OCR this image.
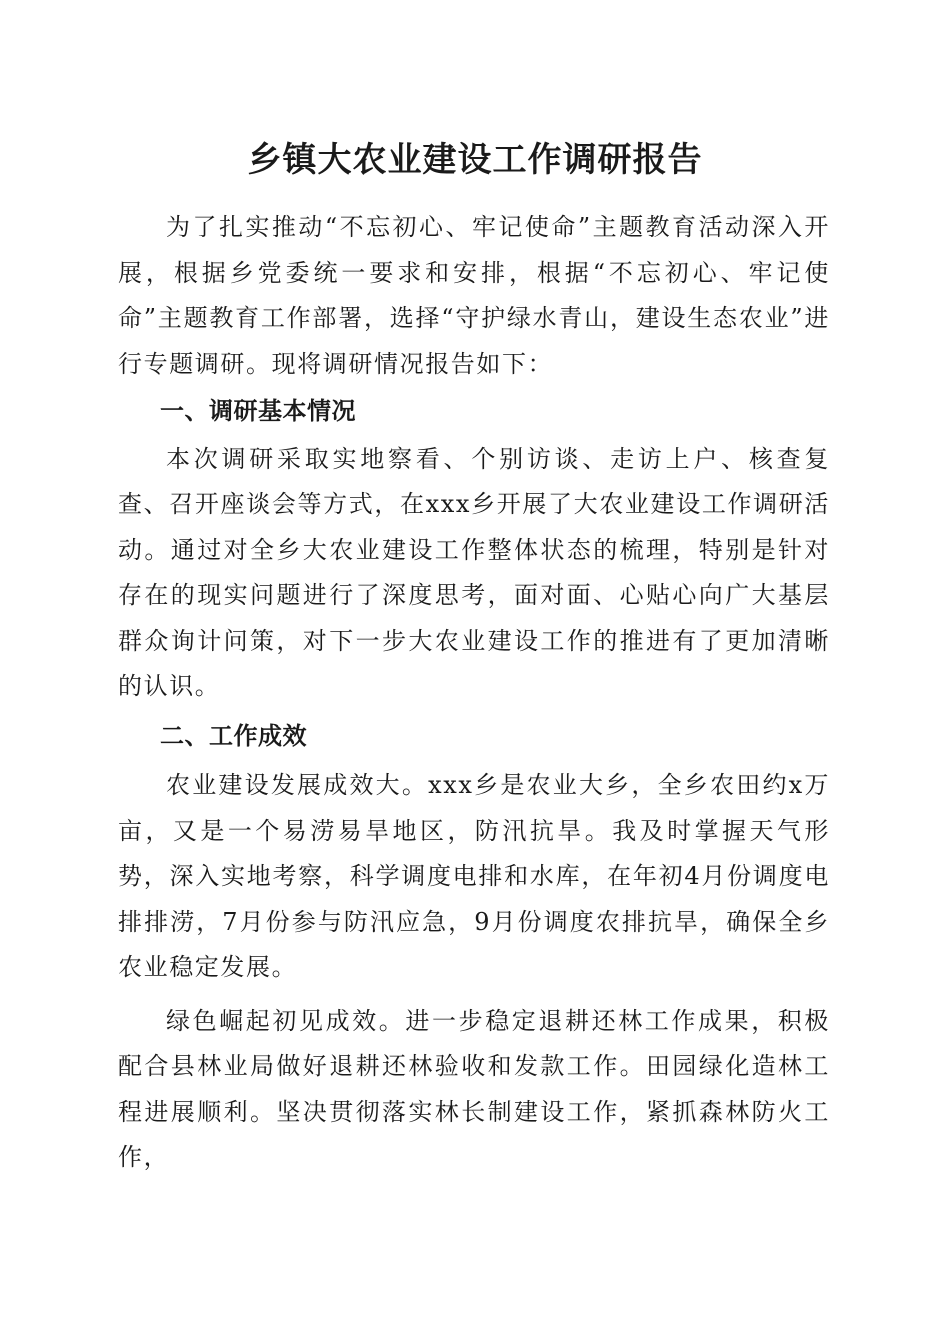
乡镇大农业建设工作调研报告

为了扎实推动“不忘初心、牢记使命”主题教育活动深入开展，根据乡党委统一要求和安排，根据“不忘初心、牢记使命”主题教育工作部署，选择“守护绿水青山，建设生态农业”进行专题调研。现将调研情况报告如下：

一、调研基本情况

本次调研采取实地察看、个别访谈、走访上户、核查复查、召开座谈会等方式，在xxx乡开展了大农业建设工作调研活动。通过对全乡大农业建设工作整体状态的梳理，特别是针对存在的现实问题进行了深度思考，面对面、心贴心向广大基层群众询计问策，对下一步大农业建设工作的推进有了更加清晰的认识。

二、工作成效

农业建设发展成效大。xxx乡是农业大乡，全乡农田约x万亩，又是一个易涝易旱地区，防汛抗旱。我及时掌握天气形势，深入实地考察，科学调度电排和水库，在年初4月份调度电排排涝，7月份参与防汛应急，9月份调度农排抗旱，确保全乡农业稳定发展。

绿色崛起初见成效。进一步稳定退耕还林工作成果，积极配合县林业局做好退耕还林验收和发款工作。田园绿化造林工程进展顺利。坚决贯彻落实林长制建设工作，紧抓森林防火工作，
